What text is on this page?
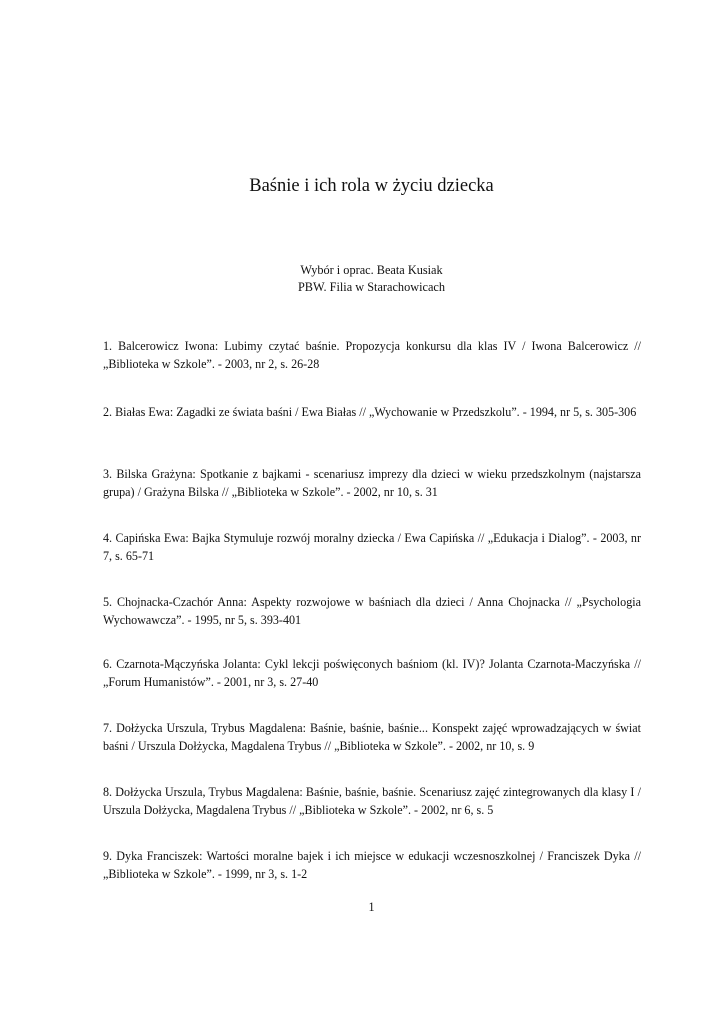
Baśnie i ich rola w życiu dziecka
Wybór i oprac. Beata Kusiak
PBW. Filia w Starachowicach
1. Balcerowicz Iwona: Lubimy czytać baśnie. Propozycja konkursu dla klas IV / Iwona Balcerowicz // „Biblioteka w Szkole”. - 2003, nr 2, s. 26-28
2. Białas Ewa: Zagadki ze świata baśni / Ewa Białas // „Wychowanie w Przedszkolu”. - 1994, nr 5, s. 305-306
3. Bilska Grażyna: Spotkanie z bajkami - scenariusz imprezy dla dzieci w wieku przedszkolnym (najstarsza grupa) / Grażyna Bilska // „Biblioteka w Szkole”. - 2002, nr 10, s. 31
4. Capińska Ewa: Bajka Stymuluje rozwój moralny dziecka / Ewa Capińska // „Edukacja i Dialog”. - 2003, nr 7, s. 65-71
5. Chojnacka-Czachór Anna: Aspekty rozwojowe w baśniach dla dzieci / Anna Chojnacka // „Psychologia Wychowawcza”. - 1995, nr 5, s. 393-401
6. Czarnota-Mączyńska Jolanta: Cykl lekcji poświęconych baśniom (kl. IV)? Jolanta Czarnota-Maczyńska // „Forum Humanistów”. - 2001, nr 3, s. 27-40
7. Dołżycka Urszula, Trybus Magdalena: Baśnie, baśnie, baśnie... Konspekt zajęć wprowadzających w świat baśni / Urszula Dołżycka, Magdalena Trybus // „Biblioteka w Szkole”. - 2002, nr 10, s. 9
8. Dołżycka Urszula, Trybus Magdalena: Baśnie, baśnie, baśnie. Scenariusz zajęć zintegrowanych dla klasy I / Urszula Dołżycka, Magdalena Trybus // „Biblioteka w Szkole”. - 2002, nr 6, s. 5
9. Dyka Franciszek: Wartości moralne bajek i ich miejsce w edukacji wczesnoszkolnej / Franciszek Dyka // „Biblioteka w Szkole”. - 1999, nr 3, s. 1-2
1
